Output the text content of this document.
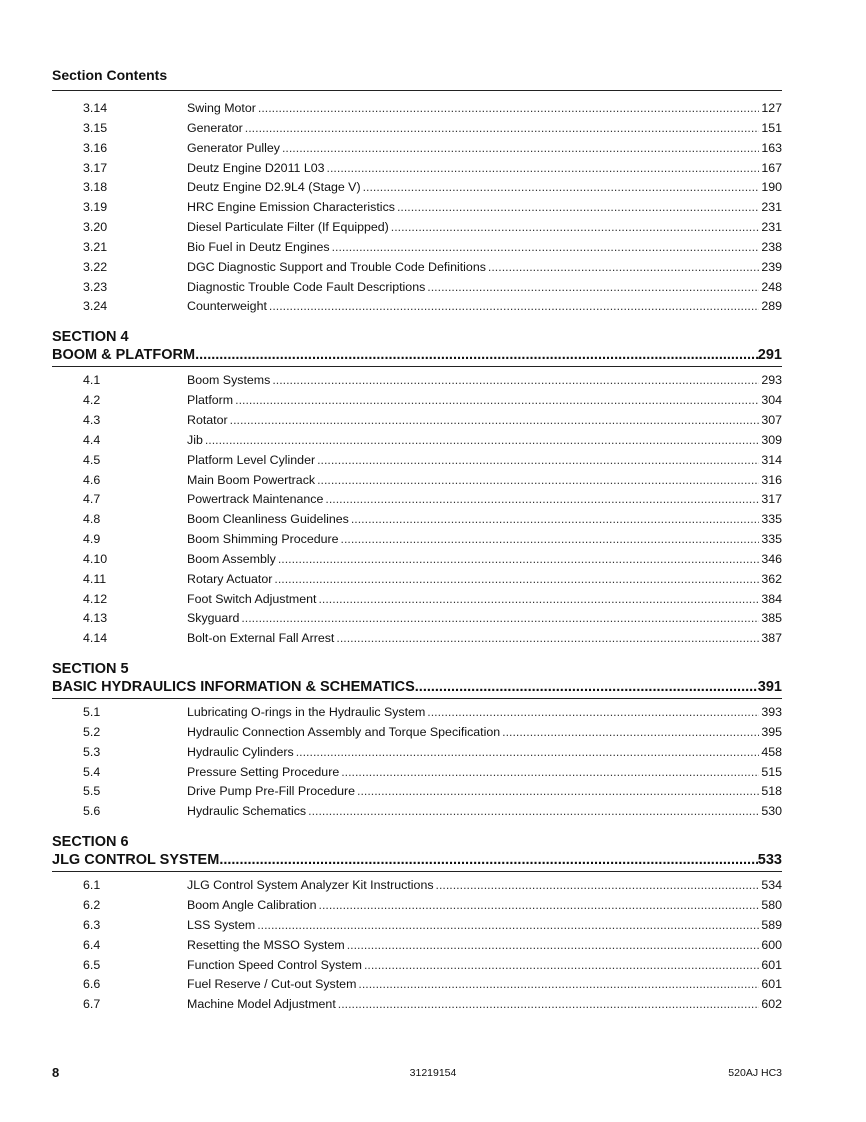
Section Contents
3.14	Swing Motor .....	127
3.15	Generator .....	151
3.16	Generator Pulley .....	163
3.17	Deutz Engine D2011 L03 .....	167
3.18	Deutz Engine D2.9L4 (Stage V) .....	190
3.19	HRC Engine Emission Characteristics .....	231
3.20	Diesel Particulate Filter (If Equipped) .....	231
3.21	Bio Fuel in Deutz Engines .....	238
3.22	DGC Diagnostic Support and Trouble Code Definitions .....	239
3.23	Diagnostic Trouble Code Fault Descriptions .....	248
3.24	Counterweight .....	289
SECTION 4
BOOM & PLATFORM .....	291
4.1	Boom Systems .....	293
4.2	Platform .....	304
4.3	Rotator .....	307
4.4	Jib .....	309
4.5	Platform Level Cylinder .....	314
4.6	Main Boom Powertrack .....	316
4.7	Powertrack Maintenance .....	317
4.8	Boom Cleanliness Guidelines .....	335
4.9	Boom Shimming Procedure .....	335
4.10	Boom Assembly .....	346
4.11	Rotary Actuator .....	362
4.12	Foot Switch Adjustment .....	384
4.13	Skyguard .....	385
4.14	Bolt-on External Fall Arrest .....	387
SECTION 5
BASIC HYDRAULICS INFORMATION & SCHEMATICS .....	391
5.1	Lubricating O-rings in the Hydraulic System .....	393
5.2	Hydraulic Connection Assembly and Torque Specification .....	395
5.3	Hydraulic Cylinders .....	458
5.4	Pressure Setting Procedure .....	515
5.5	Drive Pump Pre-Fill Procedure .....	518
5.6	Hydraulic Schematics .....	530
SECTION 6
JLG CONTROL SYSTEM .....	533
6.1	JLG Control System Analyzer Kit Instructions .....	534
6.2	Boom Angle Calibration .....	580
6.3	LSS System .....	589
6.4	Resetting the MSSO System .....	600
6.5	Function Speed Control System .....	601
6.6	Fuel Reserve / Cut-out System .....	601
6.7	Machine Model Adjustment .....	602
8	31219154	520AJ HC3
